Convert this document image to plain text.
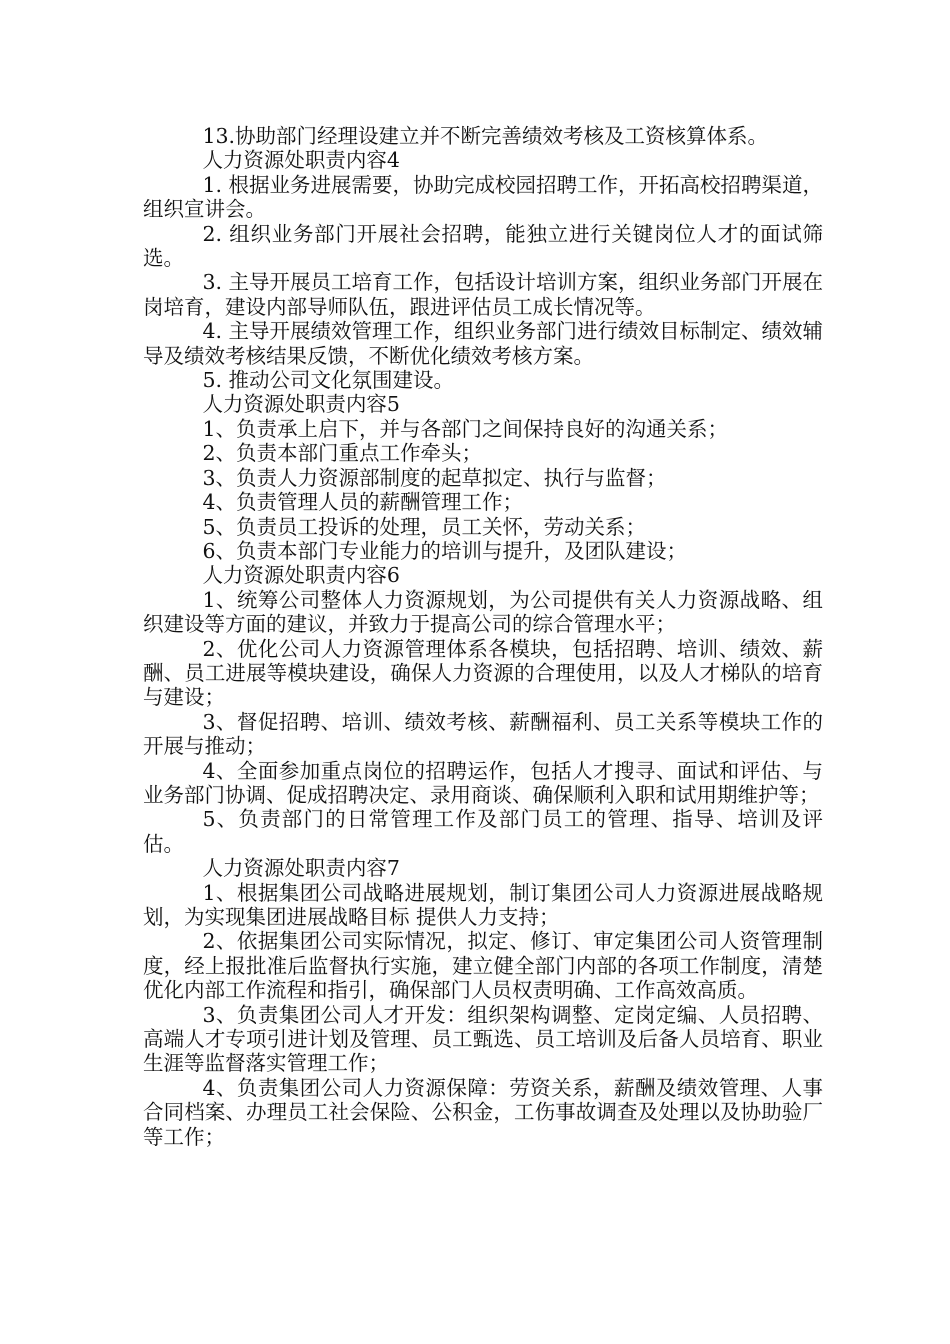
13.协助部门经理设建立并不断完善绩效考核及工资核算体系。

人力资源处职责内容4

1. 根据业务进展需要，协助完成校园招聘工作，开拓高校招聘渠道，组织宣讲会。

2. 组织业务部门开展社会招聘，能独立进行关键岗位人才的面试筛选。

3. 主导开展员工培育工作，包括设计培训方案，组织业务部门开展在岗培育，建设内部导师队伍，跟进评估员工成长情况等。

4. 主导开展绩效管理工作，组织业务部门进行绩效目标制定、绩效辅导及绩效考核结果反馈，不断优化绩效考核方案。

5. 推动公司文化氛围建设。

人力资源处职责内容5

1、负责承上启下，并与各部门之间保持良好的沟通关系；

2、负责本部门重点工作牵头；

3、负责人力资源部制度的起草拟定、执行与监督；

4、负责管理人员的薪酬管理工作；

5、负责员工投诉的处理，员工关怀，劳动关系；

6、负责本部门专业能力的培训与提升，及团队建设；

人力资源处职责内容6

1、统筹公司整体人力资源规划，为公司提供有关人力资源战略、组织建设等方面的建议，并致力于提高公司的综合管理水平；

2、优化公司人力资源管理体系各模块，包括招聘、培训、绩效、薪酬、员工进展等模块建设，确保人力资源的合理使用，以及人才梯队的培育与建设；

3、督促招聘、培训、绩效考核、薪酬福利、员工关系等模块工作的开展与推动；

4、全面参加重点岗位的招聘运作，包括人才搜寻、面试和评估、与业务部门协调、促成招聘决定、录用商谈、确保顺利入职和试用期维护等；

5、负责部门的日常管理工作及部门员工的管理、指导、培训及评估。

人力资源处职责内容7

1、根据集团公司战略进展规划，制订集团公司人力资源进展战略规划，为实现集团进展战略目标 提供人力支持；

2、依据集团公司实际情况，拟定、修订、审定集团公司人资管理制度，经上报批准后监督执行实施，建立健全部门内部的各项工作制度，清楚优化内部工作流程和指引，确保部门人员权责明确、工作高效高质。

3、负责集团公司人才开发：组织架构调整、定岗定编、人员招聘、高端人才专项引进计划及管理、员工甄选、员工培训及后备人员培育、职业生涯等监督落实管理工作；

4、负责集团公司人力资源保障：劳资关系，薪酬及绩效管理、人事合同档案、办理员工社会保险、公积金，工伤事故调查及处理以及协助验厂等工作；
